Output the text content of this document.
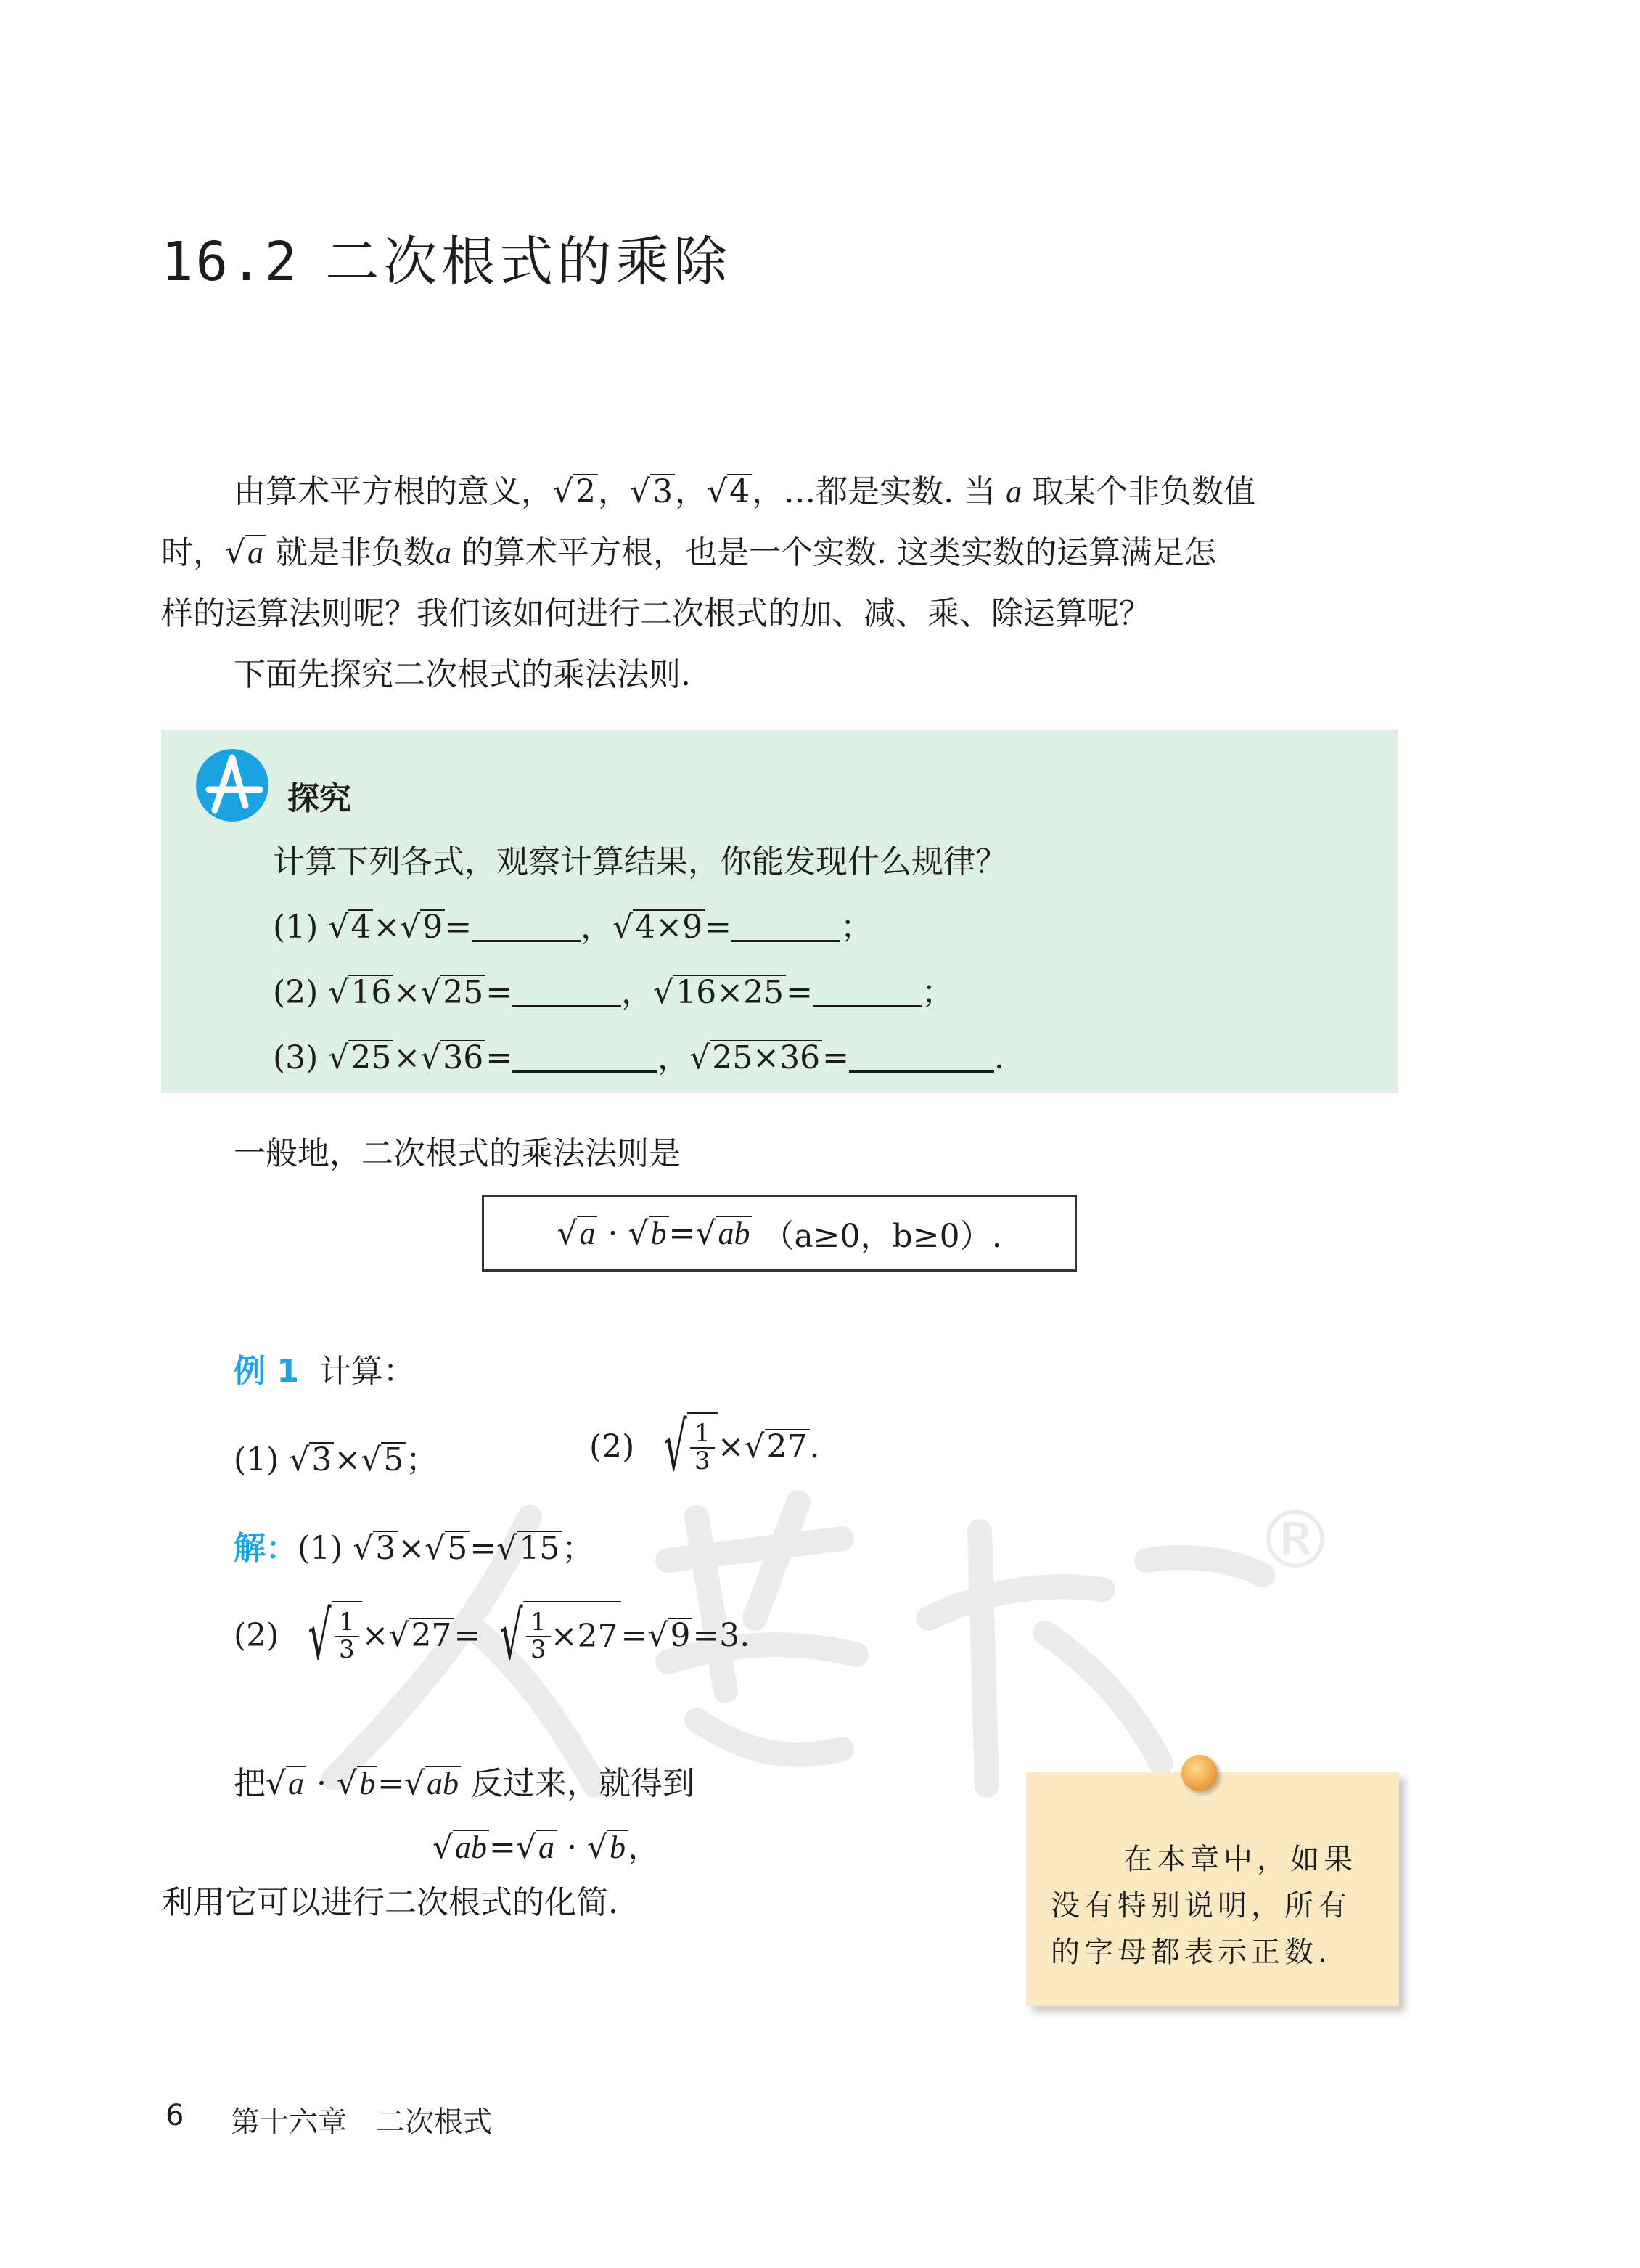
®
16.2 二次根式的乘除
由算术平方根的意义，√2，√3，√4，…都是实数. 当 a 取某个非负数值
时，√a 就是非负数a 的算术平方根，也是一个实数. 这类实数的运算满足怎
样的运算法则呢？我们该如何进行二次根式的加、减、乘、除运算呢？
下面先探究二次根式的乘法法则.
探究
计算下列各式，观察计算结果，你能发现什么规律？
(1) √4×√9=	，√4×9=	；
(2) √16×√25=	，√16×25=	；
(3) √25×√36=	，√25×36=	.
一般地，二次根式的乘法法则是
√a
·
√b = √ab
（a≥0，b≥0）.
例 1 计算：
(1) √3×√5；	(2)
√ $\frac{1}{3} \times √27$ .
解：(1) √3×√5=√15；
(2)
√ $\frac{1}{3} \times √27$ = √ $\frac{1}{3} \times 27 = √9 =3$.
把√a · √b=√ab 反过来，就得到
√ab=√a · √b，
利用它可以进行二次根式的化简.
在本章中，如果没有特别说明，所有的字母都表示正数.
6 第十六章　二次根式
